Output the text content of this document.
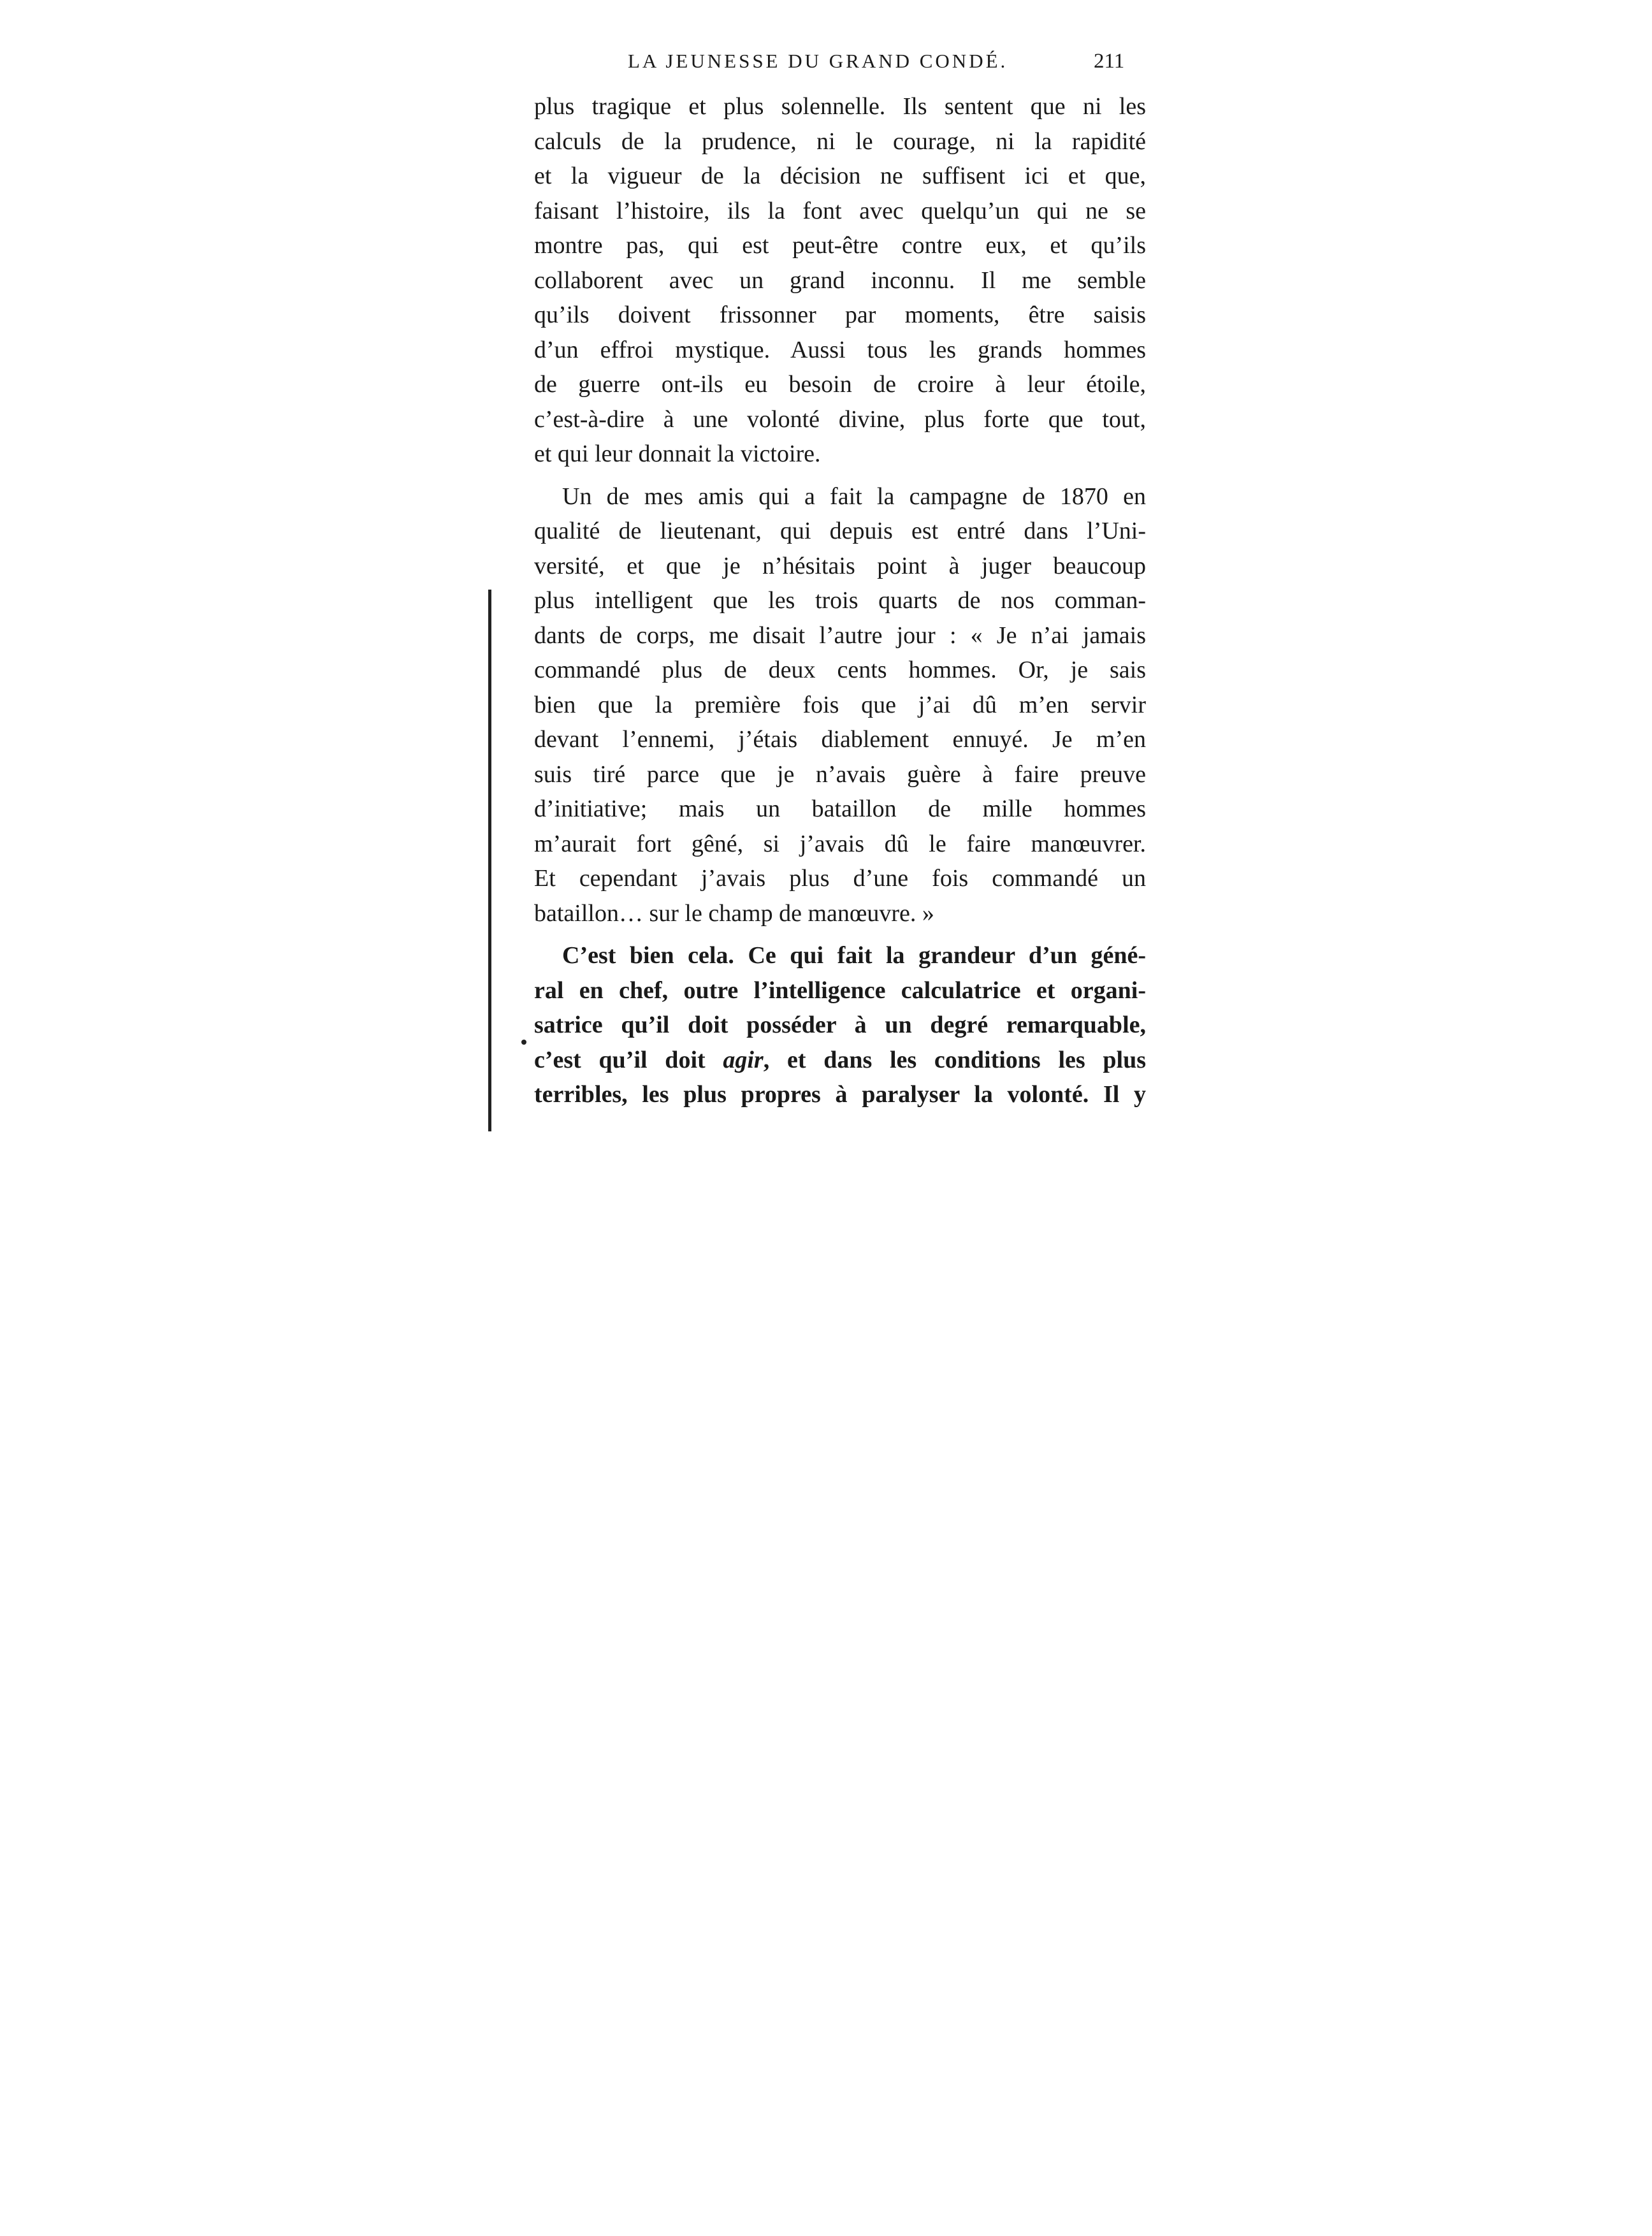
LA JEUNESSE DU GRAND CONDÉ.	211
plus tragique et plus solennelle. Ils sentent que ni les
calculs de la prudence, ni le courage, ni la rapidité
et la vigueur de la décision ne suffisent ici et que,
faisant l’histoire, ils la font avec quelqu’un qui ne se
montre pas, qui est peut-être contre eux, et qu’ils
collaborent avec un grand inconnu. Il me semble
qu’ils doivent frissonner par moments, être saisis
d’un effroi mystique. Aussi tous les grands hommes
de guerre ont-ils eu besoin de croire à leur étoile,
c’est-à-dire à une volonté divine, plus forte que tout,
et qui leur donnait la victoire.
Un de mes amis qui a fait la campagne de 1870 en
qualité de lieutenant, qui depuis est entré dans l’Uni-
versité, et que je n’hésitais point à juger beaucoup
plus intelligent que les trois quarts de nos comman-
dants de corps, me disait l’autre jour : « Je n’ai jamais
commandé plus de deux cents hommes. Or, je sais
bien que la première fois que j’ai dû m’en servir
devant l’ennemi, j’étais diablement ennuyé. Je m’en
suis tiré parce que je n’avais guère à faire preuve
d’initiative; mais un bataillon de mille hommes
m’aurait fort gêné, si j’avais dû le faire manœuvrer.
Et cependant j’avais plus d’une fois commandé un
bataillon… sur le champ de manœuvre. »
C’est bien cela. Ce qui fait la grandeur d’un géné-
ral en chef, outre l’intelligence calculatrice et organi-
satrice qu’il doit posséder à un degré remarquable,
c’est qu’il doit agir, et dans les conditions les plus
terribles, les plus propres à paralyser la volonté. Il y
